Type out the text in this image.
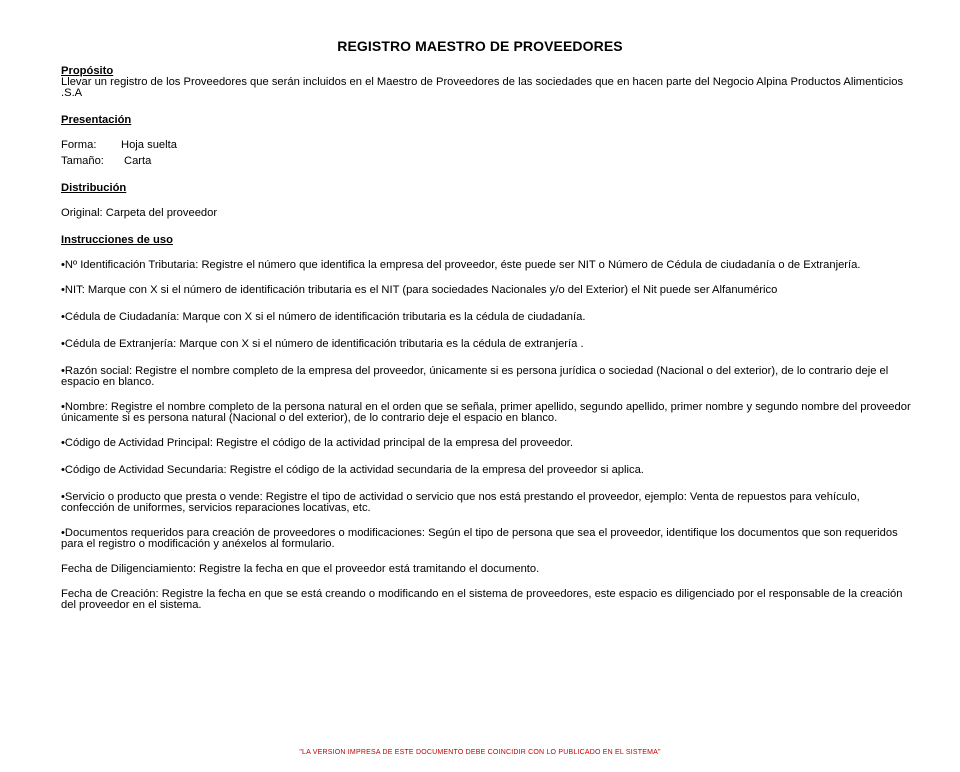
REGISTRO MAESTRO DE PROVEEDORES
Propósito
Llevar un registro de los Proveedores que serán incluidos en el Maestro de Proveedores de las sociedades que en hacen parte del Negocio Alpina Productos Alimenticios .S.A
Presentación
Forma:	Hoja suelta
Tamaño:	Carta
Distribución
Original: Carpeta del proveedor
Instrucciones de uso
•Nº Identificación Tributaria: Registre el número que identifica la empresa del proveedor, éste puede ser NIT o Número de Cédula de ciudadanía o de Extranjería.
•NIT: Marque con X si el número de identificación tributaria es el NIT (para sociedades Nacionales y/o del Exterior) el Nit puede ser Alfanumérico
•Cédula de Ciudadanía: Marque con X si el número de identificación tributaria es la cédula de ciudadanía.
•Cédula de Extranjería: Marque con X si el número de identificación tributaria es la cédula de extranjería .
•Razón social: Registre el nombre completo de la empresa del proveedor, únicamente si es persona jurídica o sociedad (Nacional o del exterior), de lo contrario deje el espacio en blanco.
•Nombre: Registre el nombre completo de la persona natural en el orden que se señala, primer apellido, segundo apellido, primer nombre y segundo nombre del proveedor únicamente si es persona natural (Nacional o del exterior), de lo contrario deje el espacio en blanco.
•Código de Actividad Principal: Registre el código de la actividad principal de la empresa del proveedor.
•Código de Actividad Secundaria: Registre el código de la actividad secundaria de la empresa del proveedor si aplica.
•Servicio o producto que presta o vende: Registre el tipo de actividad o servicio que nos está prestando el proveedor, ejemplo: Venta de repuestos para vehículo, confección de uniformes, servicios reparaciones locativas, etc.
•Documentos requeridos para creación de proveedores o modificaciones: Según el tipo de persona que sea el proveedor, identifique los documentos que son requeridos para el registro o modificación y anéxelos al formulario.
Fecha de Diligenciamiento: Registre la fecha en que el proveedor está tramitando el documento.
Fecha de Creación: Registre la fecha en que se está creando o modificando en el sistema de proveedores, este espacio es diligenciado por el responsable de la creación del proveedor en el sistema.
"LA VERSION IMPRESA DE ESTE DOCUMENTO DEBE COINCIDIR CON LO PUBLICADO EN EL SISTEMA"
